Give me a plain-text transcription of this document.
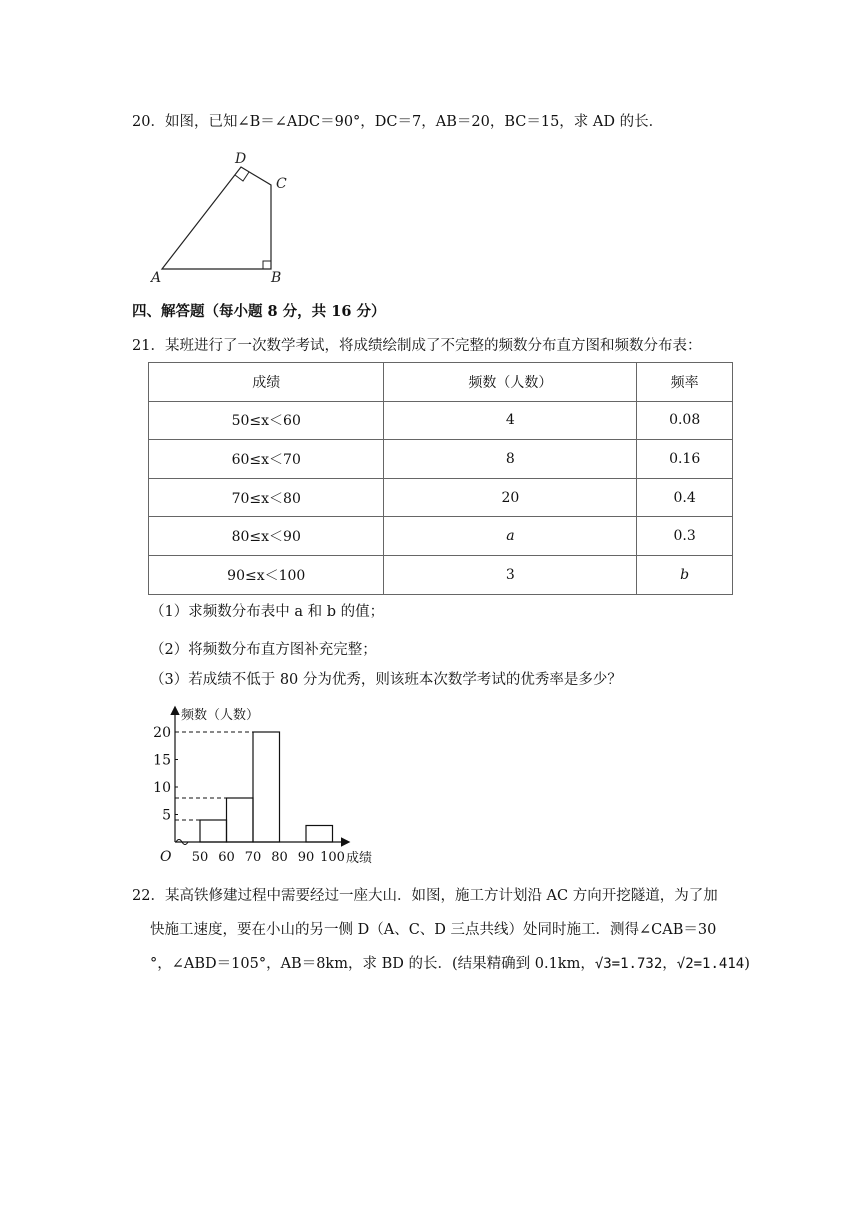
20．如图，已知∠B＝∠ADC＝90°，DC＝7，AB＝20，BC＝15，求 AD 的长．
D
C
A	B
四、解答题（每小题 8 分，共 16 分）
21．某班进行了一次数学考试，将成绩绘制成了不完整的频数分布直方图和频数分布表：
成绩	频数（人数）	频率
50≤x＜60	4	0.08
60≤x＜70	8	0.16
70≤x＜80	20	0.4
80≤x＜90	a	0.3
90≤x＜100	3	b
（1）求频数分布表中 a 和 b 的值；
（2）将频数分布直方图补充完整；
（3）若成绩不低于 80 分为优秀，则该班本次数学考试的优秀率是多少？
频数（人数）
成绩
O
5
10
15
20
50 60 70 80 90 100
22．某高铁修建过程中需要经过一座大山．如图，施工方计划沿 AC 方向开挖隧道，为了加
快施工速度，要在小山的另一侧 D（A、C、D 三点共线）处同时施工．测得∠CAB＝30
°，∠ABD＝105°，AB＝8km，求 BD 的长．(结果精确到 0.1km，√3=1.732，√2=1.414)
